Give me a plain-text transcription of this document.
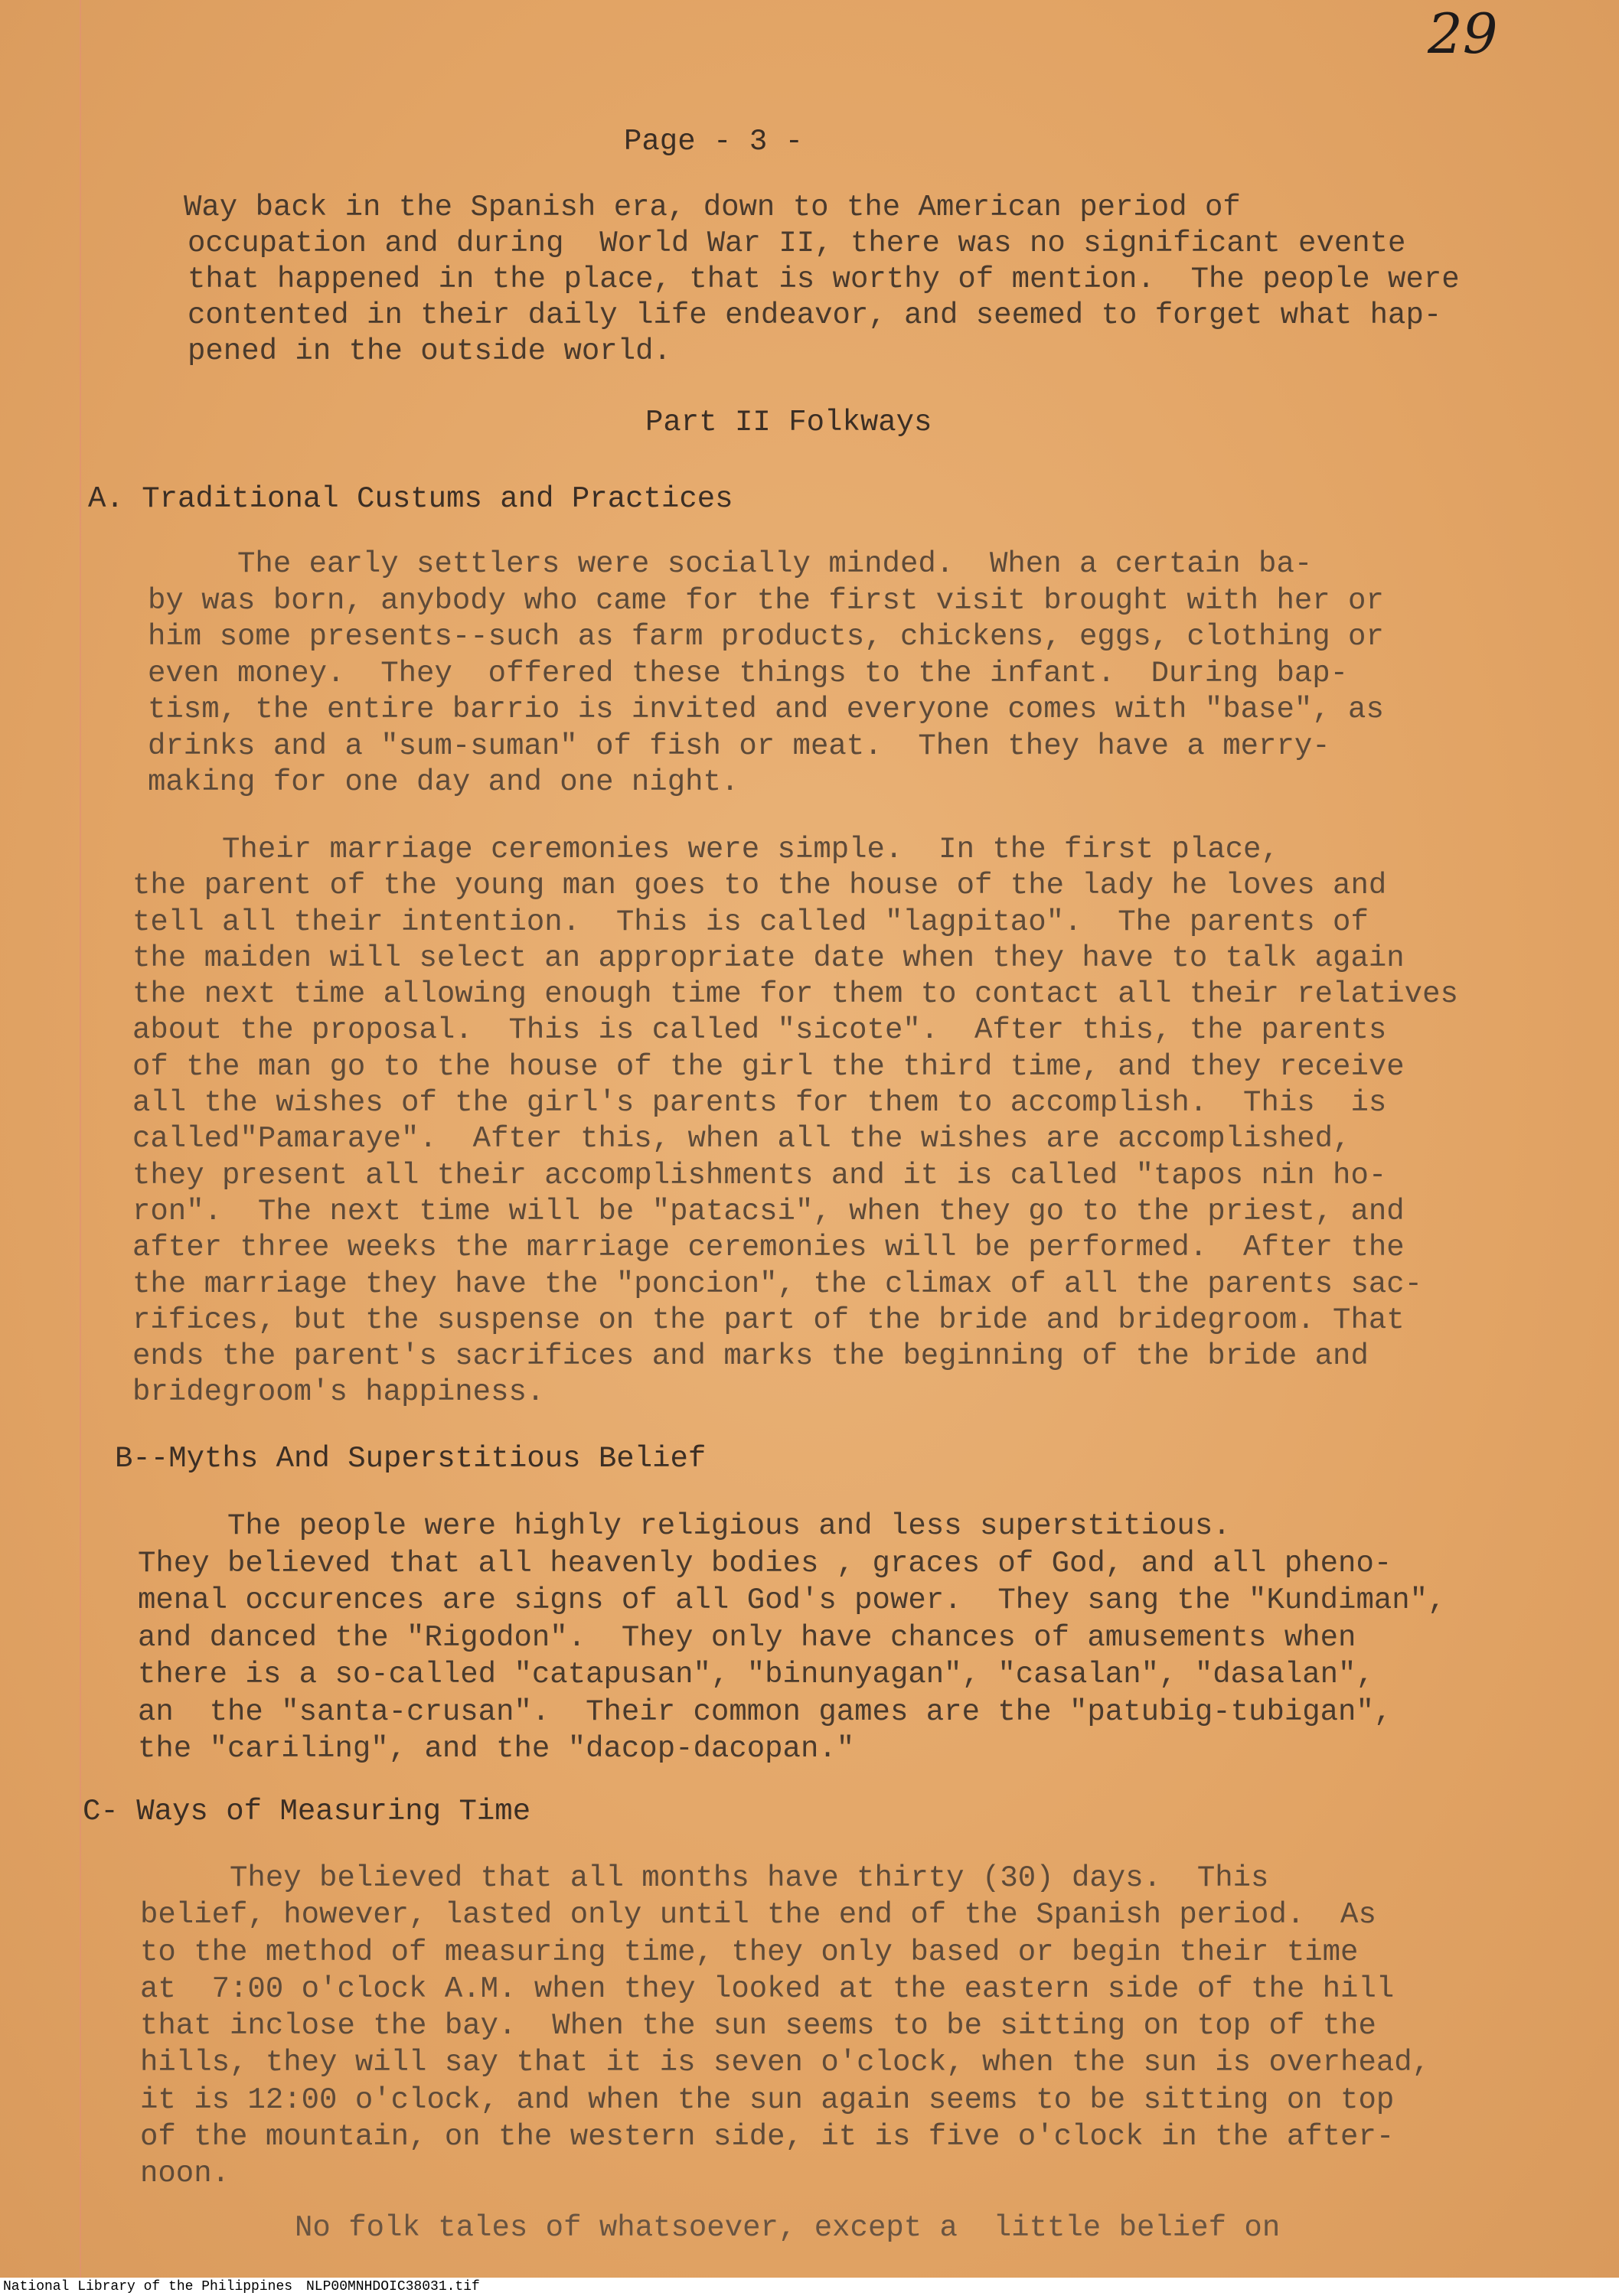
29
Page - 3 -
Way back in the Spanish era, down to the American period of
occupation and during  World War II, there was no significant evente
that happened in the place, that is worthy of mention.  The people were
contented in their daily life endeavor, and seemed to forget what hap-
pened in the outside world.
Part II Folkways
A. Traditional Custums and Practices
The early settlers were socially minded.  When a certain ba-
by was born, anybody who came for the first visit brought with her or
him some presents--such as farm products, chickens, eggs, clothing or
even money.  They  offered these things to the infant.  During bap-
tism, the entire barrio is invited and everyone comes with "base", as
drinks and a "sum-suman" of fish or meat.  Then they have a merry-
making for one day and one night.
Their marriage ceremonies were simple.  In the first place,
the parent of the young man goes to the house of the lady he loves and
tell all their intention.  This is called "lagpitao".  The parents of
the maiden will select an appropriate date when they have to talk again
the next time allowing enough time for them to contact all their relatives
about the proposal.  This is called "sicote".  After this, the parents
of the man go to the house of the girl the third time, and they receive
all the wishes of the girl's parents for them to accomplish.  This  is
called"Pamaraye".  After this, when all the wishes are accomplished,
they present all their accomplishments and it is called "tapos nin ho-
ron".  The next time will be "patacsi", when they go to the priest, and
after three weeks the marriage ceremonies will be performed.  After the
the marriage they have the "poncion", the climax of all the parents sac-
rifices, but the suspense on the part of the bride and bridegroom. That
ends the parent's sacrifices and marks the beginning of the bride and
bridegroom's happiness.
B--Myths And Superstitious Belief
The people were highly religious and less superstitious.
They believed that all heavenly bodies , graces of God, and all pheno-
menal occurences are signs of all God's power.  They sang the "Kundiman",
and danced the "Rigodon".  They only have chances of amusements when
there is a so-called "catapusan", "binunyagan", "casalan", "dasalan",
an  the "santa-crusan".  Their common games are the "patubig-tubigan",
the "cariling", and the "dacop-dacopan."
C- Ways of Measuring Time
They believed that all months have thirty (30) days.  This
belief, however, lasted only until the end of the Spanish period.  As
to the method of measuring time, they only based or begin their time
at  7:00 o'clock A.M. when they looked at the eastern side of the hill
that inclose the bay.  When the sun seems to be sitting on top of the
hills, they will say that it is seven o'clock, when the sun is overhead,
it is 12:00 o'clock, and when the sun again seems to be sitting on top
of the mountain, on the western side, it is five o'clock in the after-
noon.
No folk tales of whatsoever, except a  little belief on
National Library of the Philippines NLP00MNHDOIC38031.tif
